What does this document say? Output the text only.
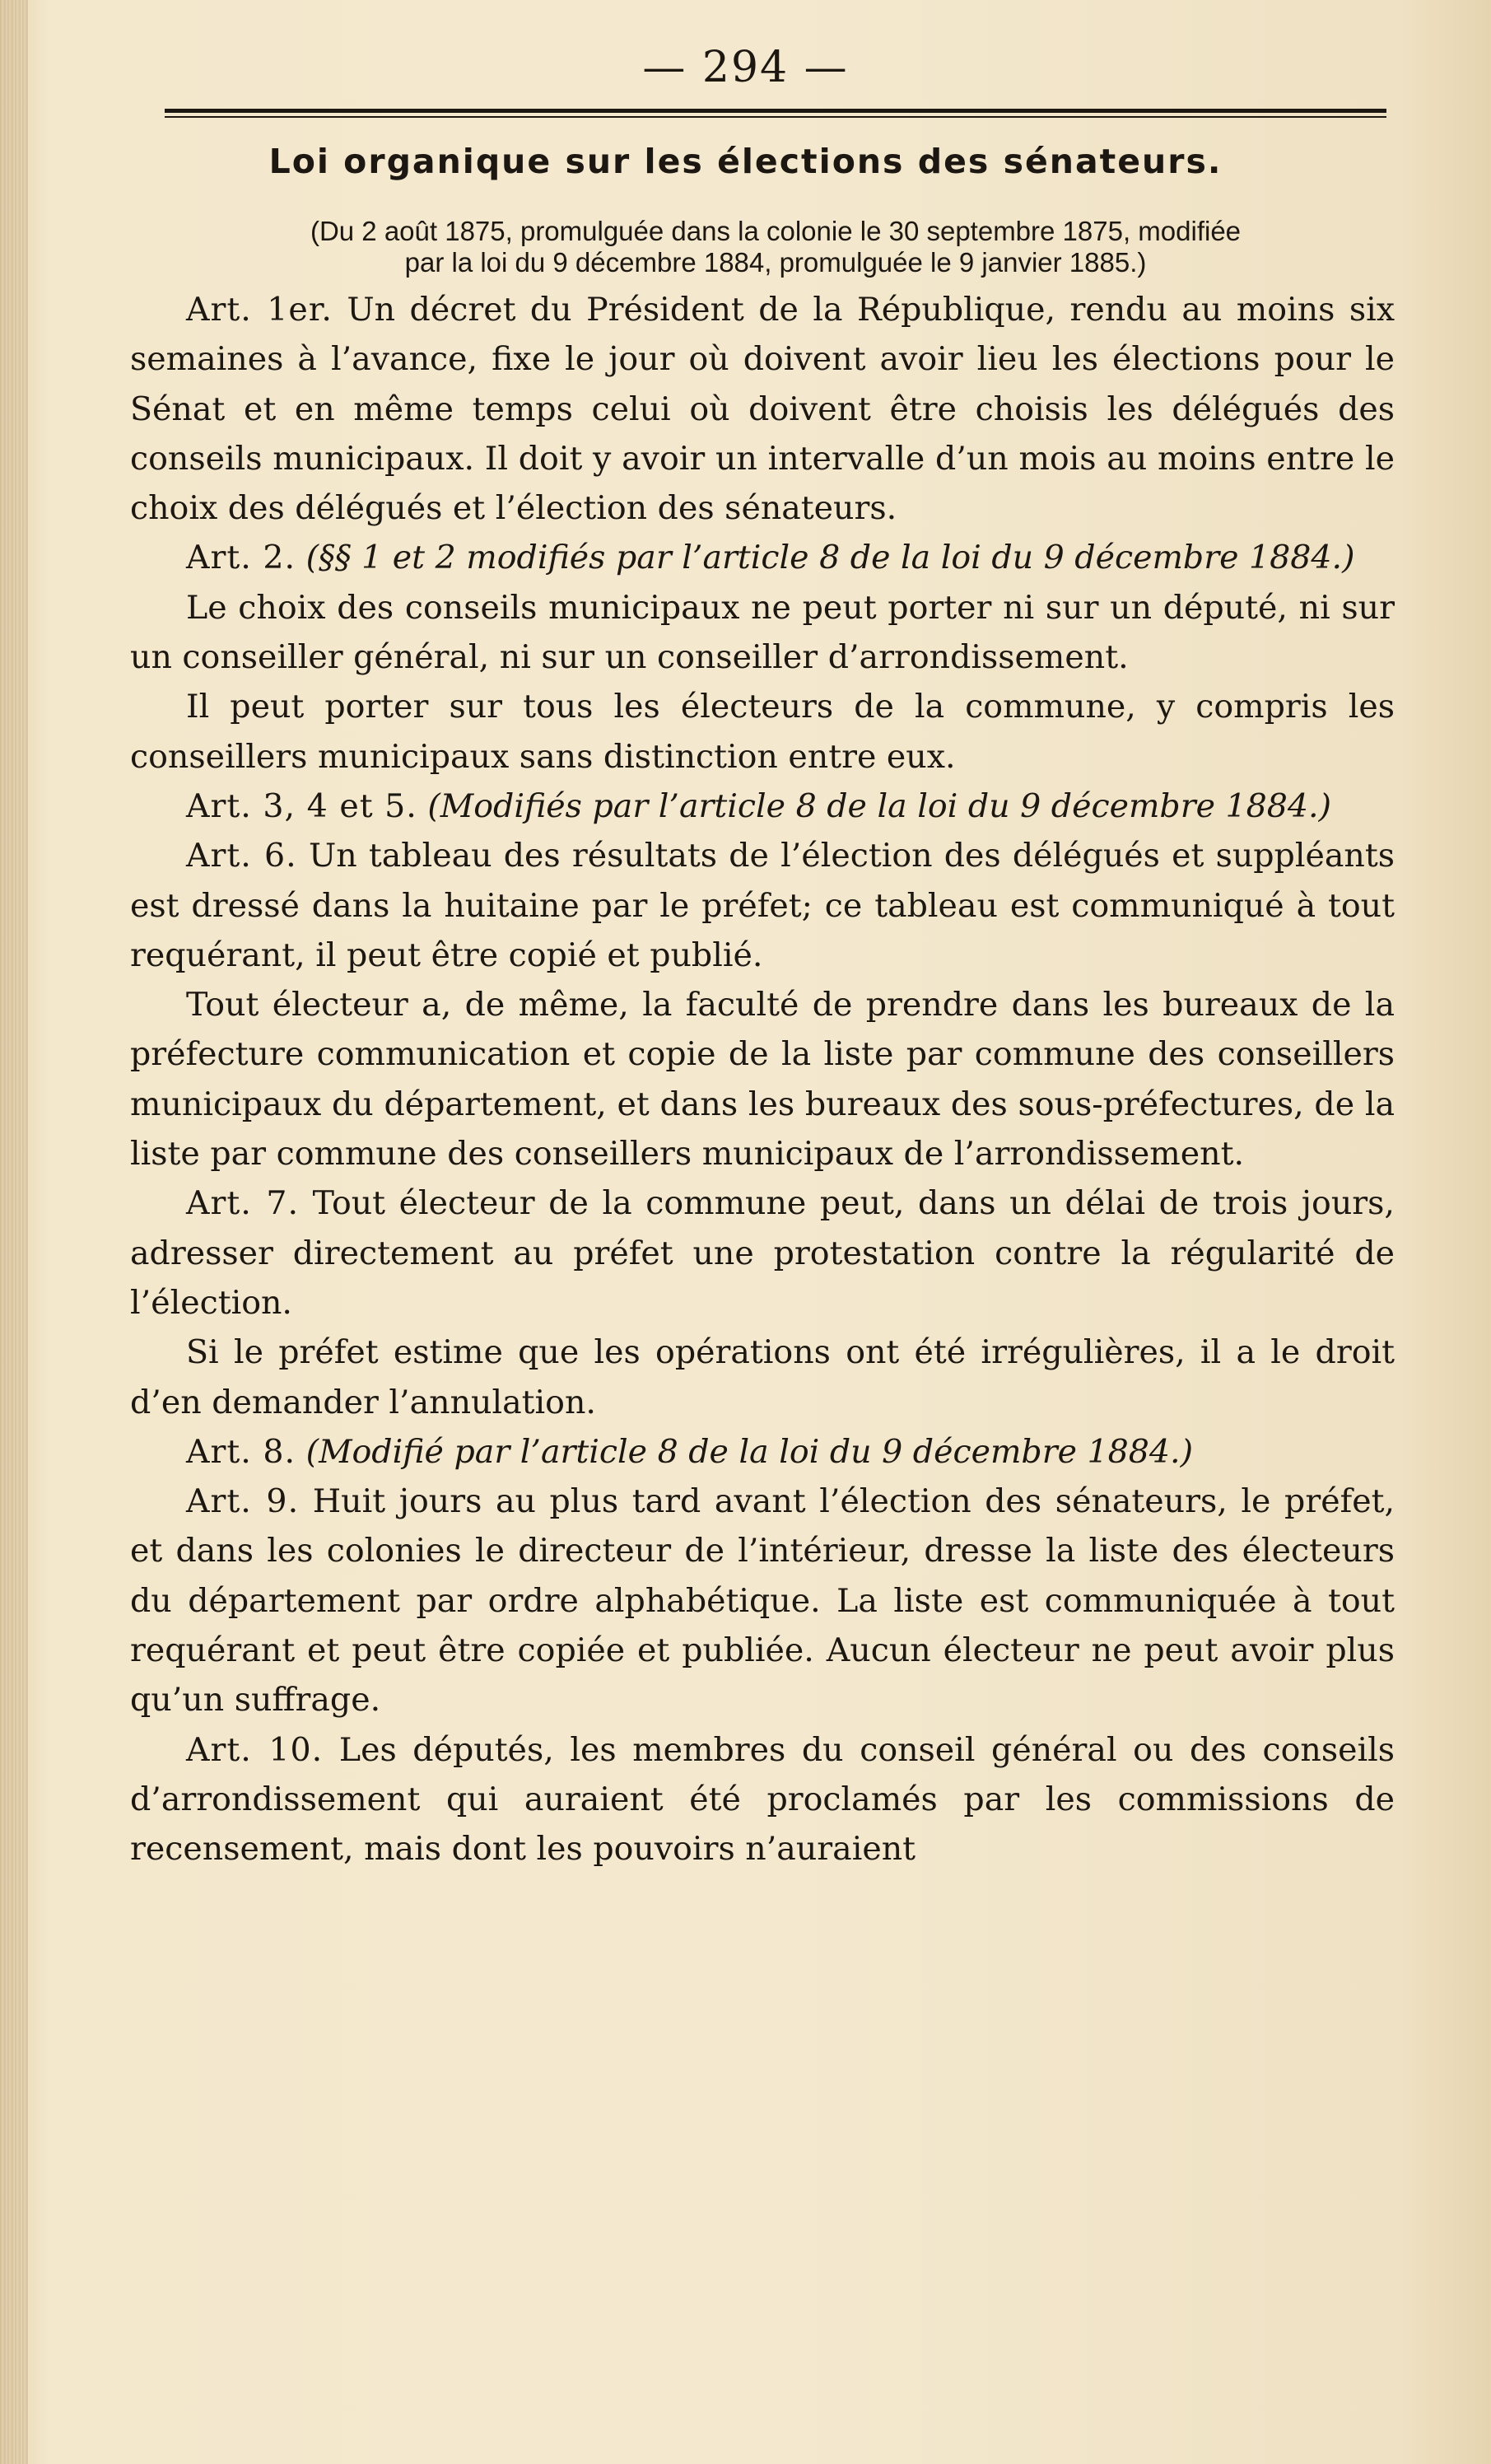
— 294 —
Loi organique sur les élections des sénateurs.
(Du 2 août 1875, promulguée dans la colonie le 30 septembre 1875, modifiée
par la loi du 9 décembre 1884, promulguée le 9 janvier 1885.)

Art. 1er. Un décret du Président de la République, rendu au moins six semaines à l’avance, fixe le jour où doivent avoir lieu les élections pour le Sénat et en même temps celui où doivent être choisis les délégués des conseils municipaux. Il doit y avoir un intervalle d’un mois au moins entre le choix des délégués et l’élection des sénateurs.

Art. 2. (§§ 1 et 2 modifiés par l’article 8 de la loi du 9 décembre 1884.)

Le choix des conseils municipaux ne peut porter ni sur un député, ni sur un conseiller général, ni sur un conseiller d’arrondissement.

Il peut porter sur tous les électeurs de la commune, y compris les conseillers municipaux sans distinction entre eux.

Art. 3, 4 et 5. (Modifiés par l’article 8 de la loi du 9 décembre 1884.)

Art. 6. Un tableau des résultats de l’élection des délégués et suppléants est dressé dans la huitaine par le préfet; ce tableau est communiqué à tout requérant, il peut être copié et publié.

Tout électeur a, de même, la faculté de prendre dans les bureaux de la préfecture communication et copie de la liste par commune des conseillers municipaux du département, et dans les bureaux des sous-préfectures, de la liste par commune des conseillers municipaux de l’arrondissement.

Art. 7. Tout électeur de la commune peut, dans un délai de trois jours, adresser directement au préfet une protestation contre la régularité de l’élection.

Si le préfet estime que les opérations ont été irrégulières, il a le droit d’en demander l’annulation.

Art. 8. (Modifié par l’article 8 de la loi du 9 décembre 1884.)

Art. 9. Huit jours au plus tard avant l’élection des sénateurs, le préfet, et dans les colonies le directeur de l’intérieur, dresse la liste des électeurs du département par ordre alphabétique. La liste est communiquée à tout requérant et peut être copiée et publiée. Aucun électeur ne peut avoir plus qu’un suffrage.

Art. 10. Les députés, les membres du conseil général ou des conseils d’arrondissement qui auraient été proclamés par les commissions de recensement, mais dont les pouvoirs n’auraient
